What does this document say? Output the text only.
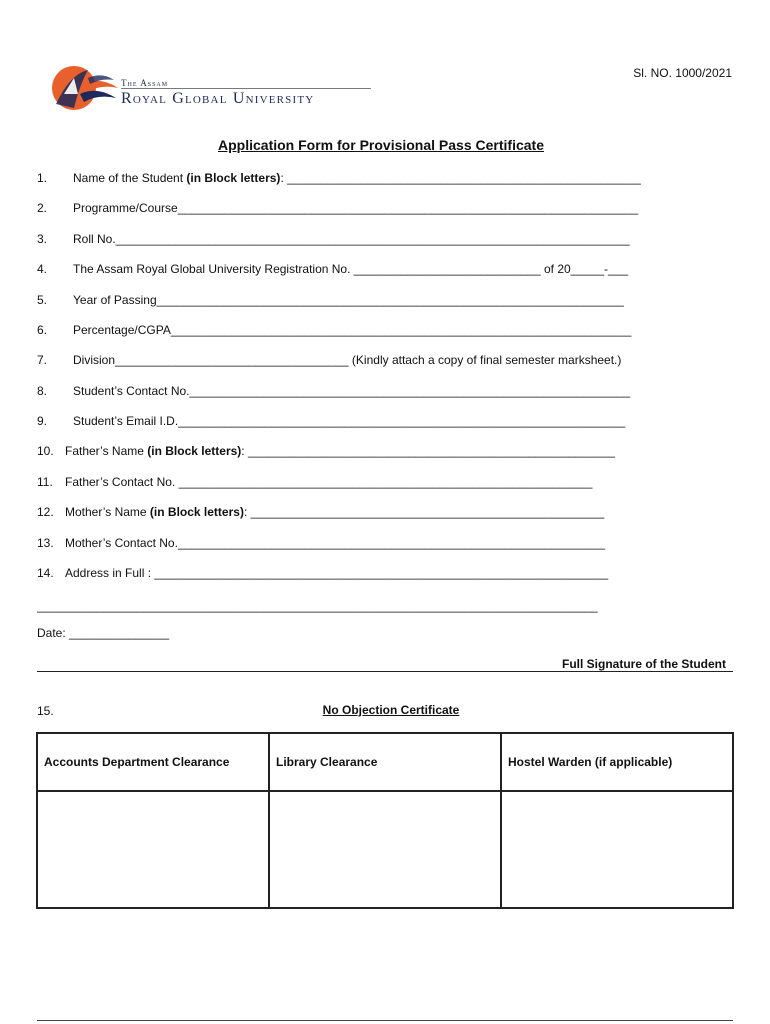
The Assam
Royal Global University
Sl. NO. 1000/2021
Application Form for Provisional Pass Certificate
1. Name of the Student (in Block letters): _____________________________________________________
2. Programme/Course_____________________________________________________________________
3. Roll No._____________________________________________________________________________
4. The Assam Royal Global University Registration No. ____________________________ of 20_____-___
5. Year of Passing______________________________________________________________________
6. Percentage/CGPA_____________________________________________________________________
7. Division___________________________________ (Kindly attach a copy of final semester marksheet.)
8. Student’s Contact No.__________________________________________________________________
9. Student’s Email I.D.___________________________________________________________________
10. Father’s Name (in Block letters): _______________________________________________________
11. Father’s Contact No. ______________________________________________________________
12. Mother’s Name (in Block letters): _____________________________________________________
13. Mother’s Contact No.________________________________________________________________
14. Address in Full : ____________________________________________________________________
____________________________________________________________________________________
Date: _______________
Full Signature of the Student
15.	No Objection Certificate
Accounts Department Clearance	Library Clearance	Hostel Warden (if applicable)
